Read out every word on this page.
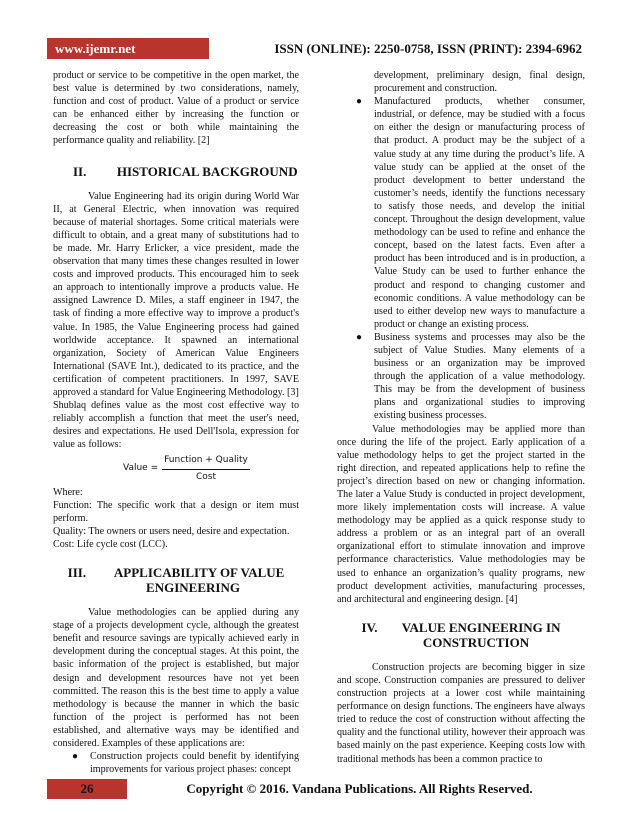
www.ijemr.net	ISSN (ONLINE): 2250-0758, ISSN (PRINT): 2394-6962

product or service to be competitive in the open market, the best value is determined by two considerations, namely, function and cost of product. Value of a product or service can be enhanced either by increasing the function or decreasing the cost or both while maintaining the performance quality and reliability. [2]

II. HISTORICAL BACKGROUND

Value Engineering had its origin during World War II, at General Electric, when innovation was required because of material shortages. Some critical materials were difficult to obtain, and a great many of substitutions had to be made. Mr. Harry Erlicker, a vice president, made the observation that many times these changes resulted in lower costs and improved products. This encouraged him to seek an approach to intentionally improve a products value. He assigned Lawrence D. Miles, a staff engineer in 1947, the task of finding a more effective way to improve a product's value. In 1985, the Value Engineering process had gained worldwide acceptance. It spawned an international organization, Society of American Value Engineers International (SAVE Int.), dedicated to its practice, and the certification of competent practitioners. In 1997, SAVE approved a standard for Value Engineering Methodology. [3]

Shublaq defines value as the most cost effective way to reliably accomplish a function that meet the user's need, desires and expectations. He used Dell'Isola, expression for value as follows:

Value = $\frac{\text{Function + Quality}}{\text{Cost}}$

Where:

Function: The specific work that a design or item must perform.

Quality: The owners or users need, desire and expectation.

Cost: Life cycle cost (LCC).

III. APPLICABILITY OF VALUE
ENGINEERING

Value methodologies can be applied during any stage of a projects development cycle, although the greatest benefit and resource savings are typically achieved early in development during the conceptual stages. At this point, the basic information of the project is established, but major design and development resources have not yet been committed. The reason this is the best time to apply a value methodology is because the manner in which the basic function of the project is performed has not been established, and alternative ways may be identified and considered. Examples of these applications are:

● Construction projects could benefit by identifying improvements for various project phases: concept

development, preliminary design, final design, procurement and construction.

● Manufactured products, whether consumer, industrial, or defence, may be studied with a focus on either the design or manufacturing process of that product. A product may be the subject of a value study at any time during the product’s life. A value study can be applied at the onset of the product development to better understand the customer’s needs, identify the functions necessary to satisfy those needs, and develop the initial concept. Throughout the design development, value methodology can be used to refine and enhance the concept, based on the latest facts. Even after a product has been introduced and is in production, a Value Study can be used to further enhance the product and respond to changing customer and economic conditions. A value methodology can be used to either develop new ways to manufacture a product or change an existing process.
● Business systems and processes may also be the subject of Value Studies. Many elements of a business or an organization may be improved through the application of a value methodology. This may be from the development of business plans and organizational studies to improving existing business processes.

Value methodologies may be applied more than once during the life of the project. Early application of a value methodology helps to get the project started in the right direction, and repeated applications help to refine the project’s direction based on new or changing information. The later a Value Study is conducted in project development, more likely implementation costs will increase. A value methodology may be applied as a quick response study to address a problem or as an integral part of an overall organizational effort to stimulate innovation and improve performance characteristics. Value methodologies may be used to enhance an organization’s quality programs, new product development activities, manufacturing processes, and architectural and engineering design. [4]

IV. VALUE ENGINEERING IN
CONSTRUCTION

Construction projects are becoming bigger in size and scope. Construction companies are pressured to deliver construction projects at a lower cost while maintaining performance on design functions. The engineers have always tried to reduce the cost of construction without affecting the quality and the functional utility, however their approach was based mainly on the past experience. Keeping costs low with traditional methods has been a common practice to

26	Copyright © 2016. Vandana Publications. All Rights Reserved.
